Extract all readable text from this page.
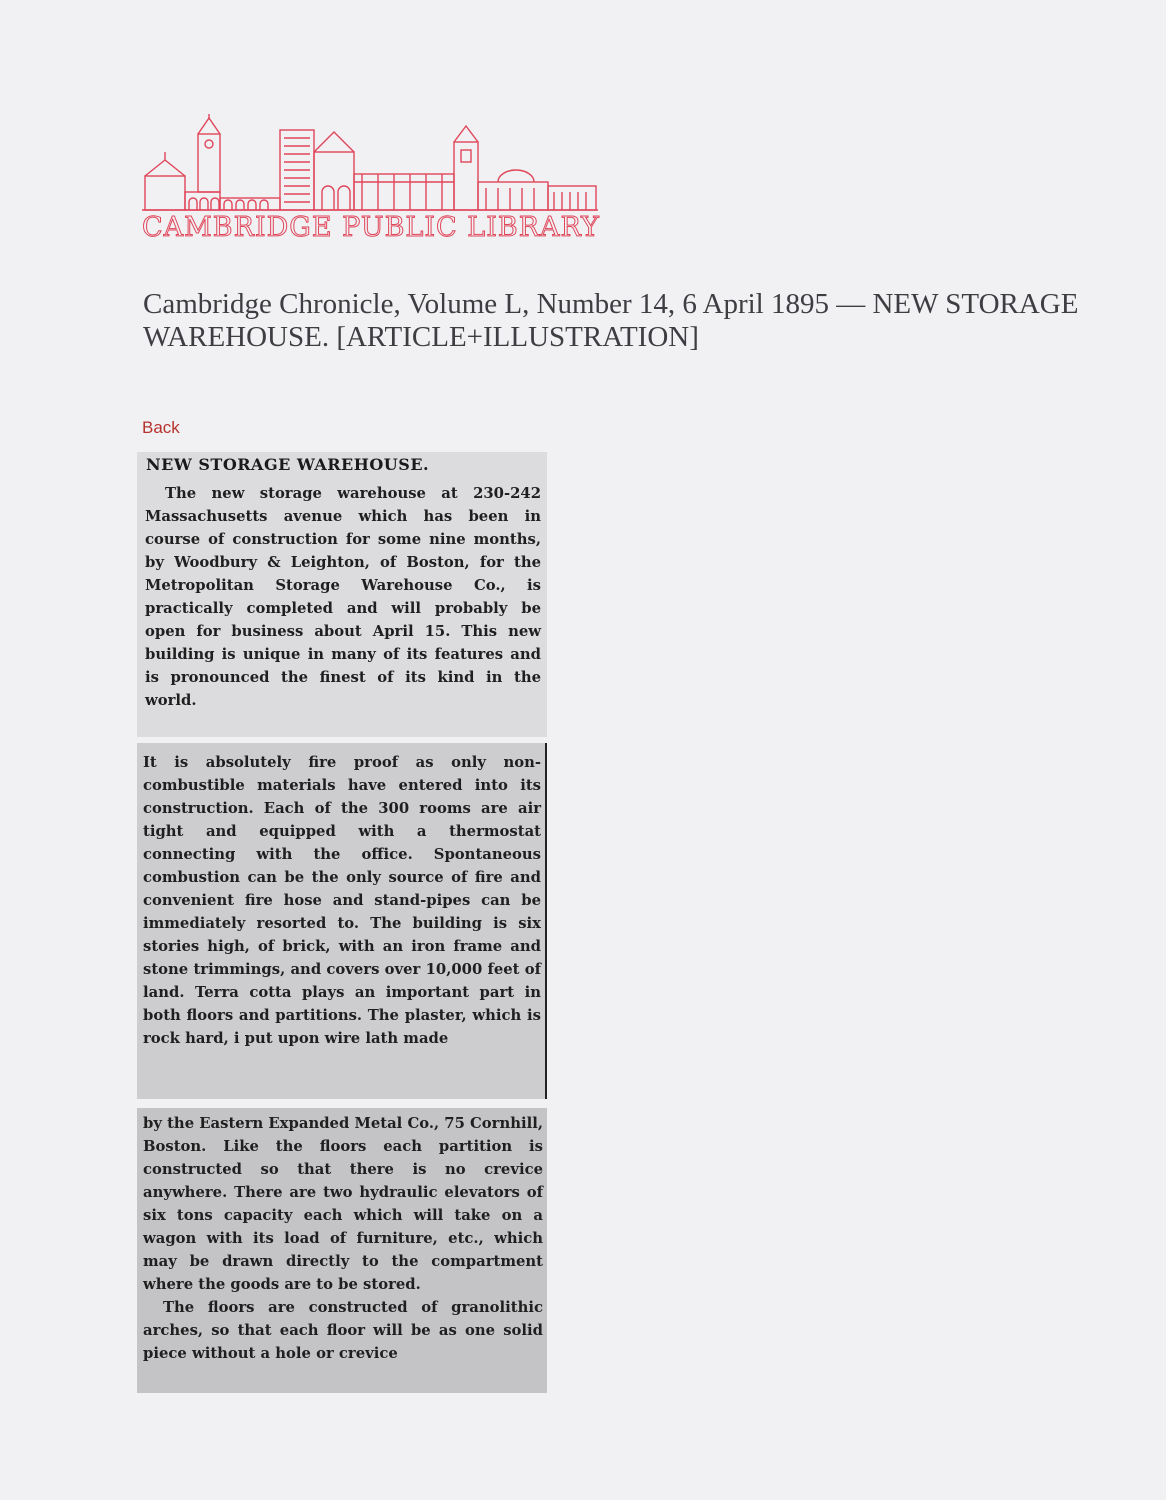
CAMBRIDGE PUBLIC LIBRARY
Cambridge Chronicle, Volume L, Number 14, 6 April 1895 — NEW STORAGE WAREHOUSE. [ARTICLE+ILLUSTRATION]
Back

The new storage warehouse at 230-242 Massachusetts avenue which has been in course of construction for some nine months, by Woodbury & Leighton, of Boston, for the Metropolitan Storage Warehouse Co., is practically completed and will probably be open for business about April 15. This new building is unique in many of its features and is pronounced the finest of its kind in the world.

NEW STORAGE WAREHOUSE.

It is absolutely fire proof as only non-combustible materials have entered into its construction. Each of the 300 rooms are air tight and equipped with a thermostat connecting with the office. Spontaneous combustion can be the only source of fire and convenient fire hose and stand-pipes can be immediately resorted to. The building is six stories high, of brick, with an iron frame and stone trimmings, and covers over 10,000 feet of land. Terra cotta plays an important part in both floors and partitions. The plaster, which is rock hard, i put upon wire lath made

by the Eastern Expanded Metal Co., 75 Cornhill, Boston. Like the floors each partition is constructed so that there is no crevice anywhere. There are two hydraulic elevators of six tons capacity each which will take on a wagon with its load of furniture, etc., which may be drawn directly to the compartment where the goods are to be stored.

The floors are constructed of granolithic arches, so that each floor will be as one solid piece without a hole or crevice
